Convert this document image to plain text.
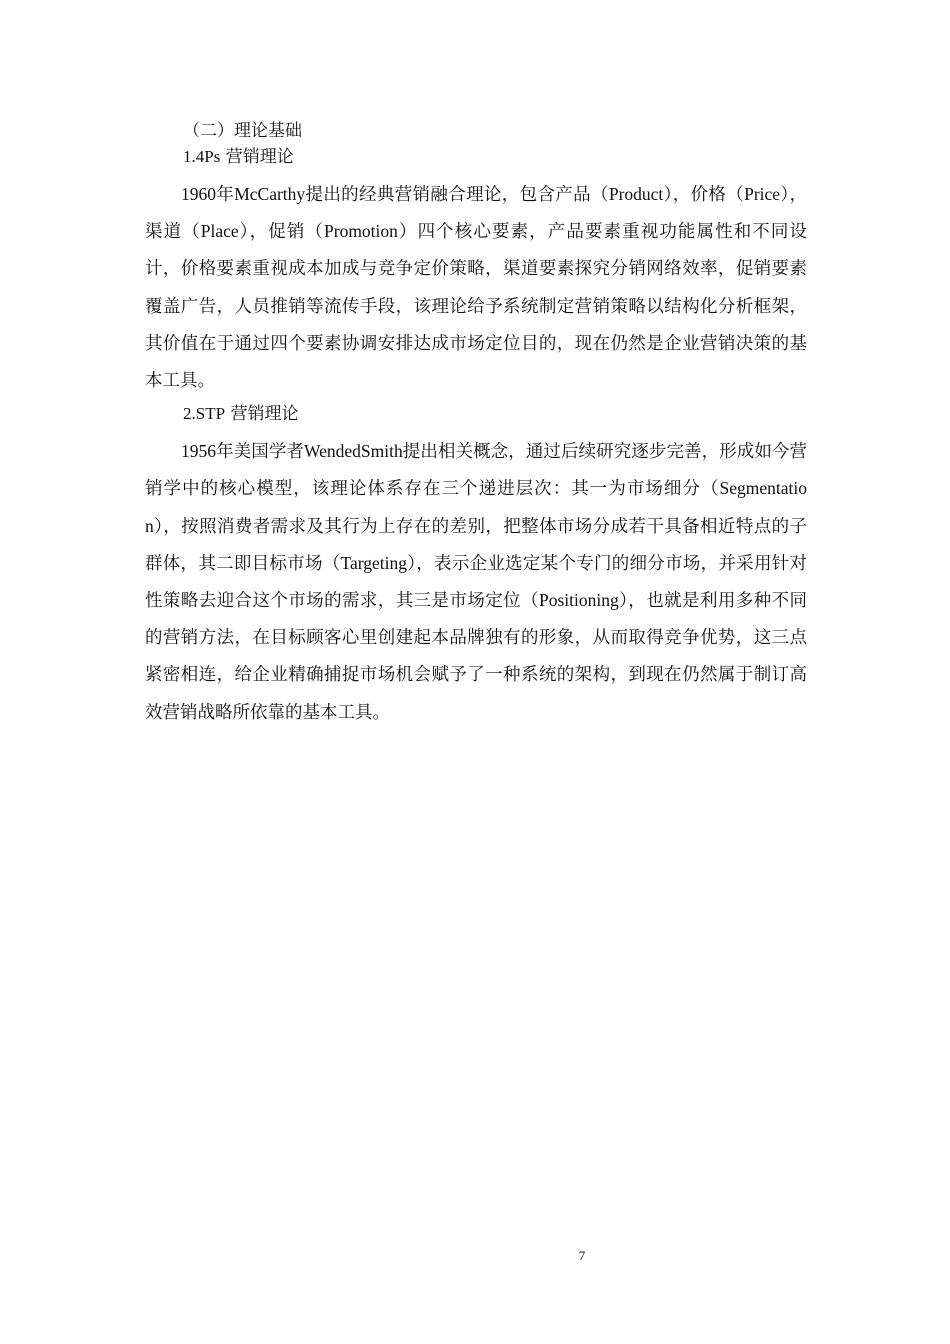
（二）理论基础

1.4Ps 营销理论

1960年McCarthy提出的经典营销融合理论，包含产品（Product），价格（Price），渠道（Place），促销（Promotion）四个核心要素，产品要素重视功能属性和不同设计，价格要素重视成本加成与竞争定价策略，渠道要素探究分销网络效率，促销要素覆盖广告，人员推销等流传手段，该理论给予系统制定营销策略以结构化分析框架，其价值在于通过四个要素协调安排达成市场定位目的，现在仍然是企业营销决策的基本工具。

2.STP 营销理论

1956年美国学者WendedSmith提出相关概念，通过后续研究逐步完善，形成如今营销学中的核心模型，该理论体系存在三个递进层次：其一为市场细分（Segmentation），按照消费者需求及其行为上存在的差别，把整体市场分成若干具备相近特点的子群体，其二即目标市场（Targeting），表示企业选定某个专门的细分市场，并采用针对性策略去迎合这个市场的需求，其三是市场定位（Positioning），也就是利用多种不同的营销方法，在目标顾客心里创建起本品牌独有的形象，从而取得竞争优势，这三点紧密相连，给企业精确捕捉市场机会赋予了一种系统的架构，到现在仍然属于制订高效营销战略所依靠的基本工具。

7
